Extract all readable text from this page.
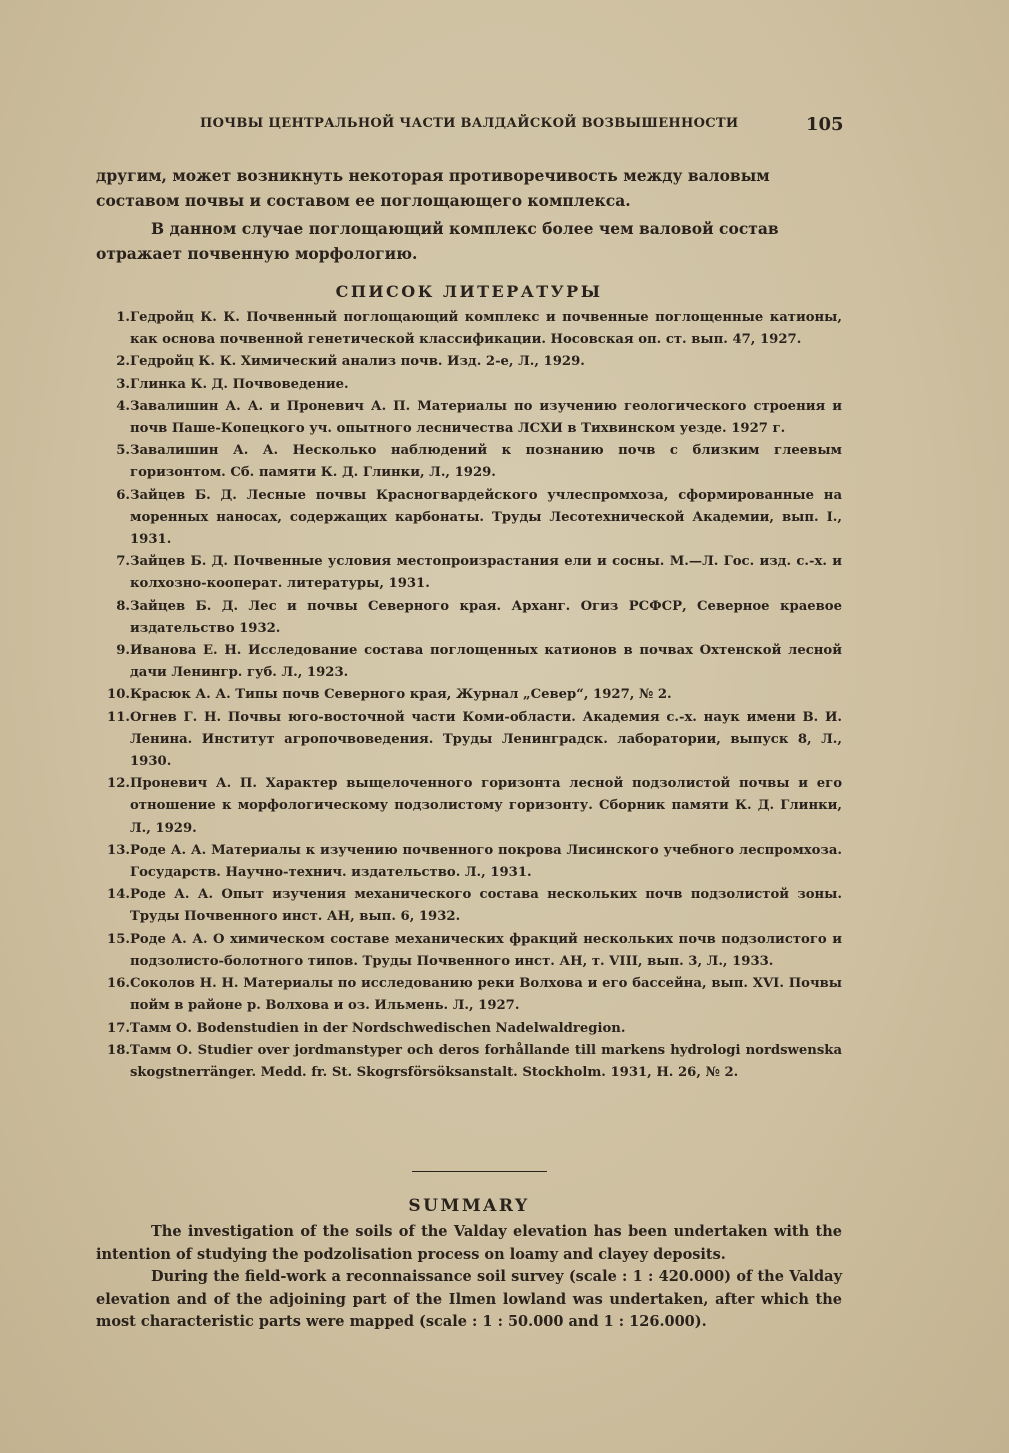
ПОЧВЫ ЦЕНТРАЛЬНОЙ ЧАСТИ ВАЛДАЙСКОЙ ВОЗВЫШЕННОСТИ	105
другим, может возникнуть некоторая противоречивость между валовым составом почвы и составом ее поглощающего комплекса.
В данном случае поглощающий комплекс более чем валовой состав отражает почвенную морфологию.
СПИСОК ЛИТЕРАТУРЫ
1. Гедройц К. К. Почвенный поглощающий комплекс и почвенные поглощенные катионы, как основа почвенной генетической классификации. Носовская оп. ст. вып. 47, 1927.
2. Гедройц К. К. Химический анализ почв. Изд. 2-е, Л., 1929.
3. Глинка К. Д. Почвоведение.
4. Завалишин А. А. и Проневич А. П. Материалы по изучению геологического строения и почв Паше-Копецкого уч. опытного лесничества ЛСХИ в Тихвинском уезде. 1927 г.
5. Завалишин А. А. Несколько наблюдений к познанию почв с близким глеевым горизонтом. Сб. памяти К. Д. Глинки, Л., 1929.
6. Зайцев Б. Д. Лесные почвы Красногвардейского учлеспромхоза, сформированные на моренных наносах, содержащих карбонаты. Труды Лесотехнической Академии, вып. I., 1931.
7. Зайцев Б. Д. Почвенные условия местопроизрастания ели и сосны. М.—Л. Гос. изд. с.-х. и колхозно-кооперат. литературы, 1931.
8. Зайцев Б. Д. Лес и почвы Северного края. Арханг. Огиз РСФСР, Северное краевое издательство 1932.
9. Иванова Е. Н. Исследование состава поглощенных катионов в почвах Охтенской лесной дачи Ленингр. губ. Л., 1923.
10. Красюк А. А. Типы почв Северного края, Журнал „Север“, 1927, № 2.
11. Огнев Г. Н. Почвы юго-восточной части Коми-области. Академия с.-х. наук имени В. И. Ленина. Институт агропочвоведения. Труды Ленинградск. лаборатории, выпуск 8, Л., 1930.
12. Проневич А. П. Характер выщелоченного горизонта лесной подзолистой почвы и его отношение к морфологическому подзолистому горизонту. Сборник памяти К. Д. Глинки, Л., 1929.
13. Роде А. А. Материалы к изучению почвенного покрова Лисинского учебного леспромхоза. Государств. Научно-технич. издательство. Л., 1931.
14. Роде А. А. Опыт изучения механического состава нескольких почв подзолистой зоны. Труды Почвенного инст. АН, вып. 6, 1932.
15. Роде А. А. О химическом составе механических фракций нескольких почв подзолистого и подзолисто-болотного типов. Труды Почвенного инст. АН, т. VIII, вып. 3, Л., 1933.
16. Соколов Н. Н. Материалы по исследованию реки Волхова и его бассейна, вып. XVI. Почвы пойм в районе р. Волхова и оз. Ильмень. Л., 1927.
17. Тамм О. Bodenstudien in der Nordschwedischen Nadelwaldregion.
18. Тамм О. Studier over jordmanstyper och deros forhållande till markens hydrologi nordswenska skogstnerränger. Medd. fr. St. Skogrsförsöksanstalt. Stockholm. 1931, H. 26, № 2.
SUMMARY

The investigation of the soils of the Valday elevation has been undertaken with the intention of studying the podzolisation process on loamy and clayey deposits.

During the field-work a reconnaissance soil survey (scale : 1 : 420.000) of the Valday elevation and of the adjoining part of the Ilmen lowland was undertaken, after which the most characteristic parts were mapped (scale : 1 : 50.000 and 1 : 126.000).
